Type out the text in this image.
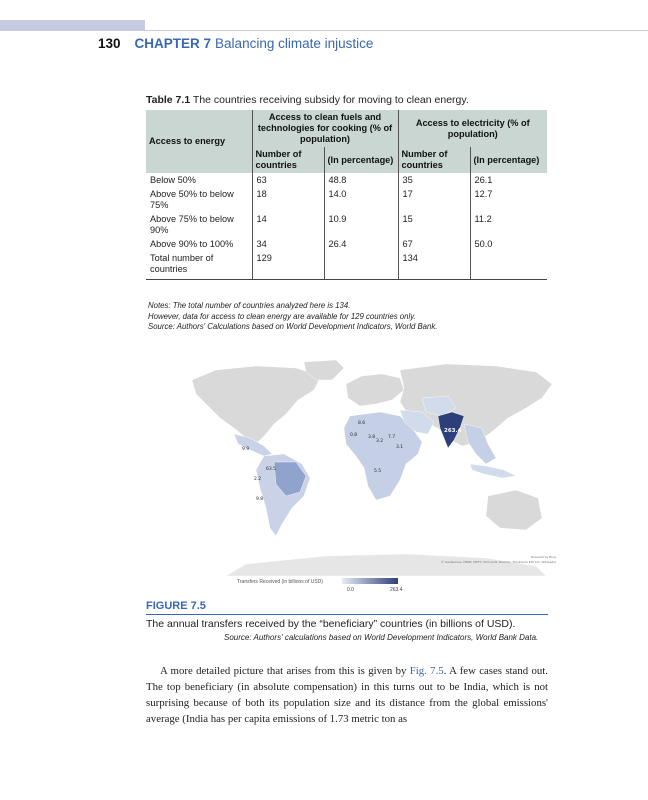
130 CHAPTER 7 Balancing climate injustice
Table 7.1 The countries receiving subsidy for moving to clean energy.
Access to energy	Access to clean fuels and technologies for cooking (% of population)		Access to electricity (% of population)	
	Number of countries	(In percentage)	Number of countries	(In percentage)
Below 50%	63	48.8	35	26.1
Above 50% to below 75%	18	14.0	17	12.7
Above 75% to below 90%	14	10.9	15	11.2
Above 90% to 100%	34	26.4	67	50.0
Total number of countries	129		134	
Notes: The total number of countries analyzed here is 134.
However, data for access to clean energy are available for 129 countries only.
Source: Authors' Calculations based on World Development Indicators, World Bank.
263.4
8.6
0.8 3.8
3.2
7.7
3.1
5.5
9.9
63.5
2.2
9.8
Powered by Bing
© GeoNames, HERE, MSFT, Microsoft, NavInfo, Thinkware Extract, Wikipedia
Transfers Received (in billions of USD)
0.0	263.4
FIGURE 7.5
The annual transfers received by the “beneficiary” countries (in billions of USD).
Source: Authors' calculations based on World Development Indicators, World Bank Data.

A more detailed picture that arises from this is given by Fig. 7.5. A few cases stand out. The top beneficiary (in absolute compensation) in this turns out to be India, which is not surprising because of both its population size and its distance from the global emissions' average (India has per capita emissions of 1.73 metric ton as
